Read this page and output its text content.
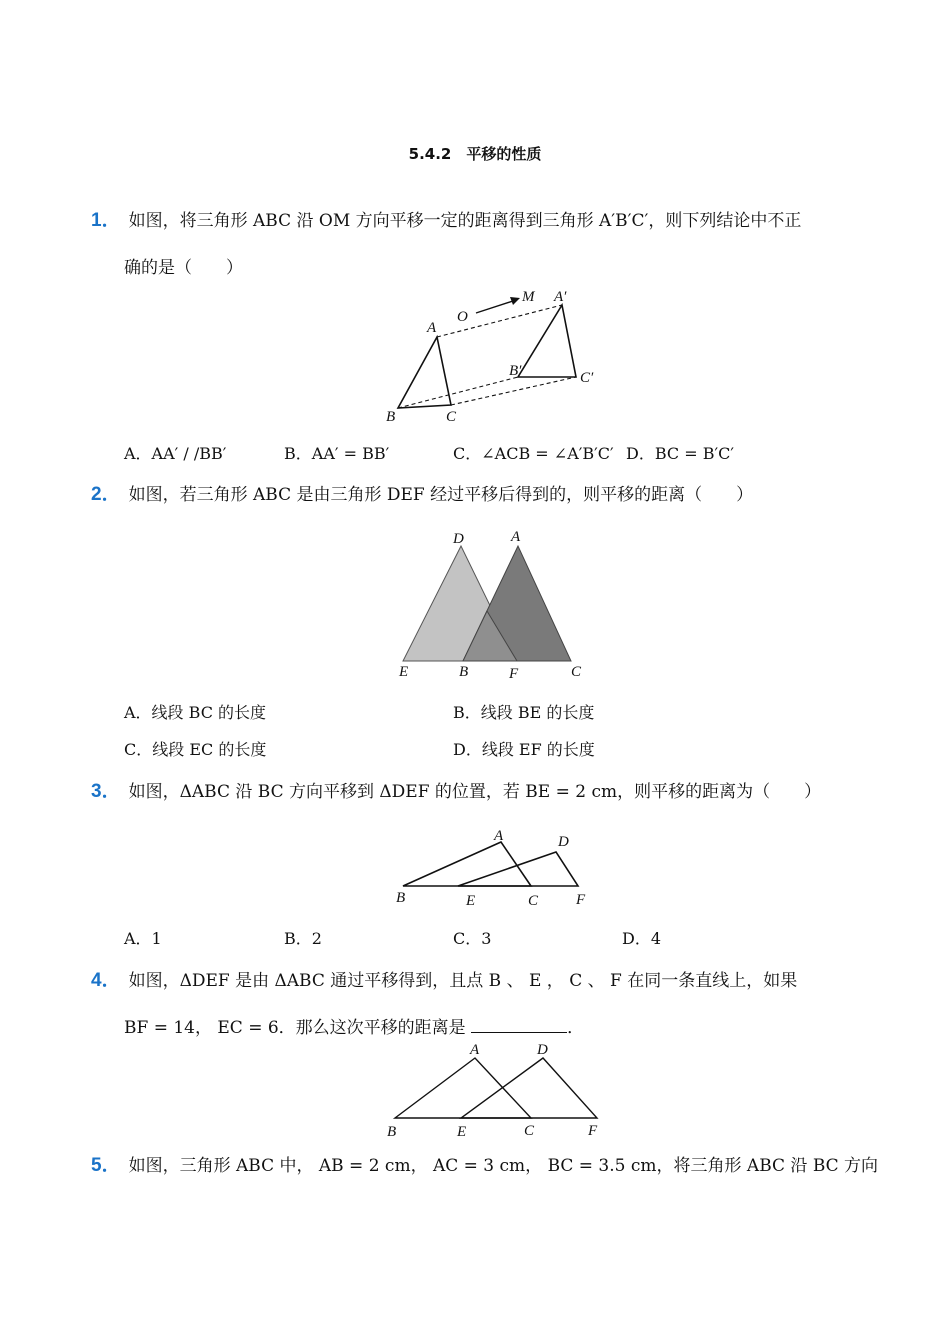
5.4.2　平移的性质
1． 如图，将三角形 ABC 沿 OM 方向平移一定的距离得到三角形 A′B′C′，则下列结论中不正
确的是（　　）
O
M
A
B	C
A′
B′	C′
A．AA′ / /BB′	B．AA′ = BB′	C．∠ACB = ∠A′B′C′ D．BC = B′C′
2． 如图，若三角形 ABC 是由三角形 DEF 经过平移后得到的，则平移的距离（　　）
D	A
E	B	F	C
A．线段 BC 的长度	B．线段 BE 的长度
C．线段 EC 的长度	D．线段 EF 的长度
3． 如图，ΔABC 沿 BC 方向平移到 ΔDEF 的位置，若 BE = 2 cm，则平移的距离为（　　）
A	D
B	E	C	F
A．1	B．2	C．3	D．4
4． 如图，ΔDEF 是由 ΔABC 通过平移得到，且点 B 、 E ， C 、 F 在同一条直线上，如果
BF = 14， EC = 6．那么这次平移的距离是	．
A	D
B	E	C	F
5． 如图，三角形 ABC 中， AB = 2 cm， AC = 3 cm， BC = 3.5 cm，将三角形 ABC 沿 BC 方向
